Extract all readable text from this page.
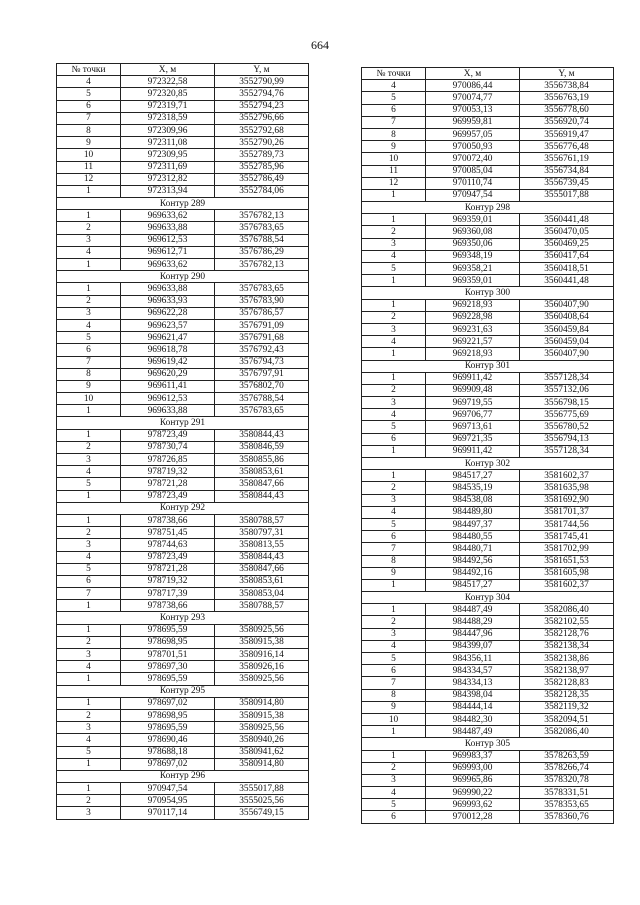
664
№ точки	X, м	Y, м
4	972322,58	3552790,99
5	972320,85	3552794,76
6	972319,71	3552794,23
7	972318,59	3552796,66
8	972309,96	3552792,68
9	972311,08	3552790,26
10	972309,95	3552789,73
11	972311,69	3552785,96
12	972312,82	3552786,49
1	972313,94	3552784,06
Контур 289		
1	969633,62	3576782,13
2	969633,88	3576783,65
3	969612,53	3576788,54
4	969612,71	3576786,29
1	969633,62	3576782,13
Контур 290		
1	969633,88	3576783,65
2	969633,93	3576783,90
3	969622,28	3576786,57
4	969623,57	3576791,09
5	969621,47	3576791,68
6	969618,78	3576792,43
7	969619,42	3576794,73
8	969620,29	3576797,91
9	969611,41	3576802,70
10	969612,53	3576788,54
1	969633,88	3576783,65
Контур 291		
1	978723,49	3580844,43
2	978730,74	3580846,59
3	978726,85	3580855,86
4	978719,32	3580853,61
5	978721,28	3580847,66
1	978723,49	3580844,43
Контур 292		
1	978738,66	3580788,57
2	978751,45	3580797,31
3	978744,63	3580813,55
4	978723,49	3580844,43
5	978721,28	3580847,66
6	978719,32	3580853,61
7	978717,39	3580853,04
1	978738,66	3580788,57
Контур 293		
1	978695,59	3580925,56
2	978698,95	3580915,38
3	978701,51	3580916,14
4	978697,30	3580926,16
1	978695,59	3580925,56
Контур 295		
1	978697,02	3580914,80
2	978698,95	3580915,38
3	978695,59	3580925,56
4	978690,46	3580940,26
5	978688,18	3580941,62
1	978697,02	3580914,80
Контур 296		
1	970947,54	3555017,88
2	970954,95	3555025,56
3	970117,14	3556749,15
№ точки	X, м	Y, м
4	970086,44	3556738,84
5	970074,77	3556763,19
6	970053,13	3556778,60
7	969959,81	3556920,74
8	969957,05	3556919,47
9	970050,93	3556776,48
10	970072,40	3556761,19
11	970085,04	3556734,84
12	970110,74	3556739,45
1	970947,54	3555017,88
Контур 298		
1	969359,01	3560441,48
2	969360,08	3560470,05
3	969350,06	3560469,25
4	969348,19	3560417,64
5	969358,21	3560418,51
1	969359,01	3560441,48
Контур 300		
1	969218,93	3560407,90
2	969228,98	3560408,64
3	969231,63	3560459,84
4	969221,57	3560459,04
1	969218,93	3560407,90
Контур 301		
1	969911,42	3557128,34
2	969909,48	3557132,06
3	969719,55	3556798,15
4	969706,77	3556775,69
5	969713,61	3556780,52
6	969721,35	3556794,13
1	969911,42	3557128,34
Контур 302		
1	984517,27	3581602,37
2	984535,19	3581635,98
3	984538,08	3581692,90
4	984489,80	3581701,37
5	984497,37	3581744,56
6	984480,55	3581745,41
7	984480,71	3581702,99
8	984492,56	3581651,53
9	984492,16	3581605,98
1	984517,27	3581602,37
Контур 304		
1	984487,49	3582086,40
2	984488,29	3582102,55
3	984447,96	3582128,76
4	984399,07	3582138,34
5	984356,11	3582138,86
6	984334,57	3582138,97
7	984334,13	3582128,83
8	984398,04	3582128,35
9	984444,14	3582119,32
10	984482,30	3582094,51
1	984487,49	3582086,40
Контур 305		
1	969983,37	3578263,59
2	969993,00	3578266,74
3	969965,86	3578320,78
4	969990,22	3578331,51
5	969993,62	3578353,65
6	970012,28	3578360,76
